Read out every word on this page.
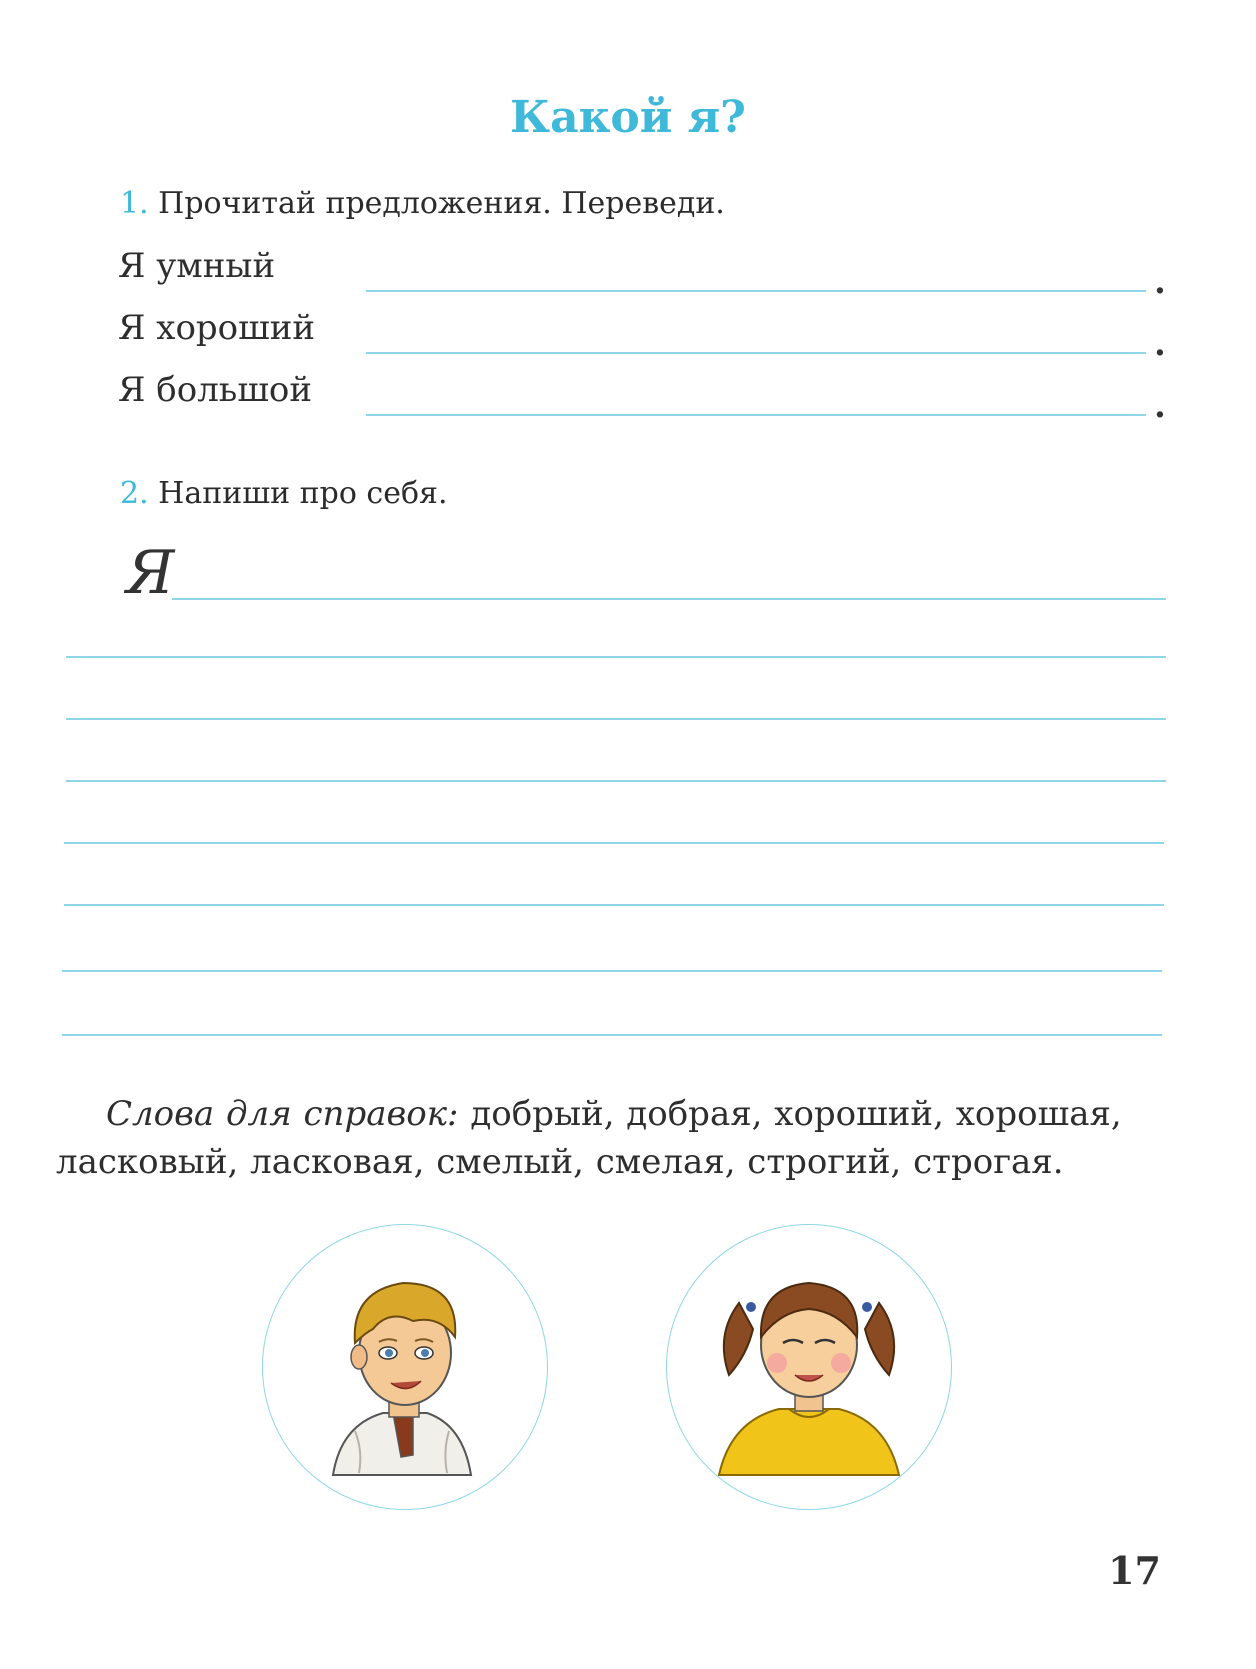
Какой я?
1. Прочитай предложения. Переведи.
Я умный	.
Я хороший	.
Я большой	.
2. Напиши про себя.
Я
Слова для справок: добрый, добрая, хороший, хорошая, ласковый, ласковая, смелый, смелая, строгий, строгая.
17
